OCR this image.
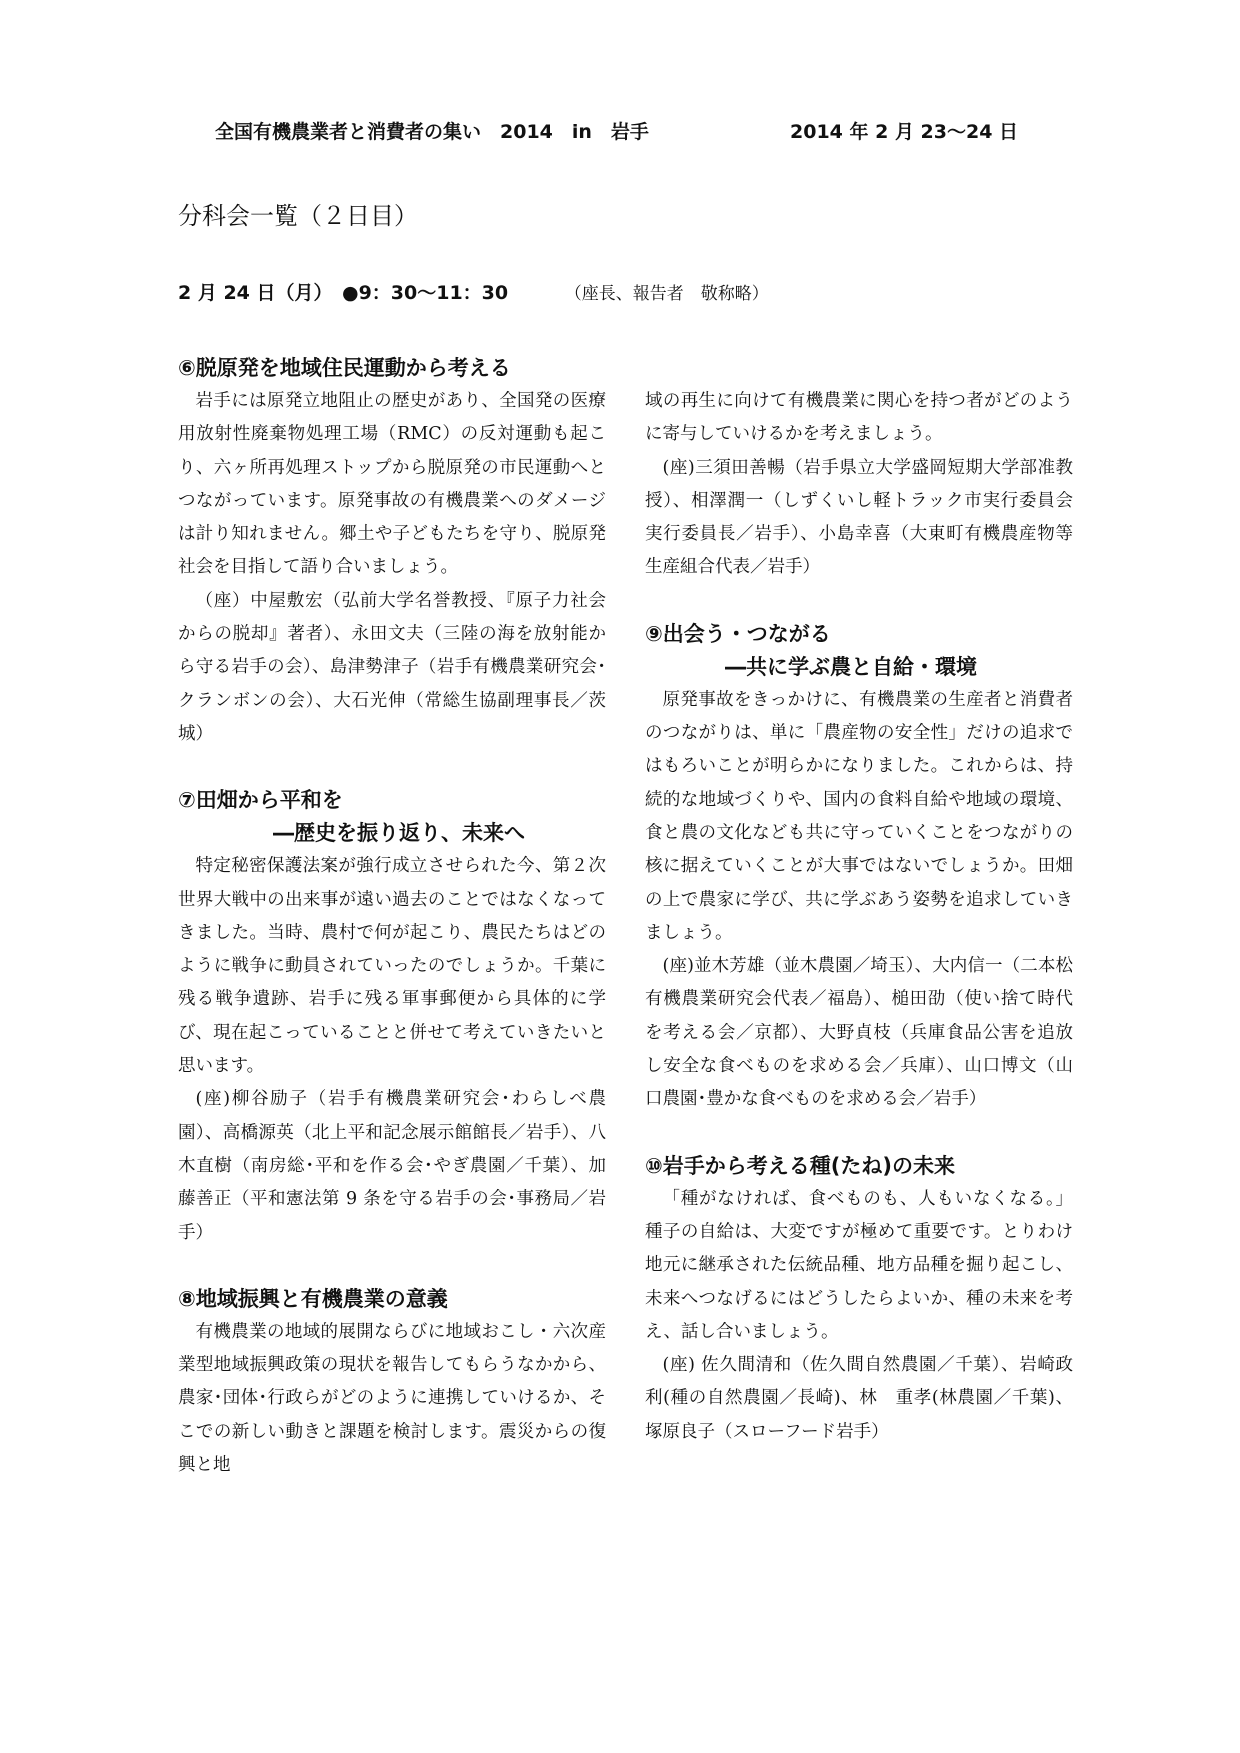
全国有機農業者と消費者の集い　2014　in　岩手	2014 年 2 月 23〜24 日
分科会一覧（２日目）
2 月 24 日（月）　●9：30〜11：30	（座長、報告者　敬称略）
⑥脱原発を地域住民運動から考える

岩手には原発立地阻止の歴史があり、全国発の医療用放射性廃棄物処理工場（RMC）の反対運動も起こり、六ヶ所再処理ストップから脱原発の市民運動へとつながっています。原発事故の有機農業へのダメージは計り知れません。郷土や子どもたちを守り、脱原発社会を目指して語り合いましょう。

（座）中屋敷宏（弘前大学名誉教授、『原子力社会からの脱却』著者）、永田文夫（三陸の海を放射能から守る岩手の会）、島津勢津子（岩手有機農業研究会･クランボンの会）、大石光伸（常総生協副理事長／茨城）

⑦田畑から平和を
―歴史を振り返り、未来へ

特定秘密保護法案が強行成立させられた今、第２次世界大戦中の出来事が遠い過去のことではなくなってきました。当時、農村で何が起こり、農民たちはどのように戦争に動員されていったのでしょうか。千葉に残る戦争遺跡、岩手に残る軍事郵便から具体的に学び、現在起こっていることと併せて考えていきたいと思います。

(座)柳谷励子（岩手有機農業研究会･わらしべ農園）、高橋源英（北上平和記念展示館館長／岩手）、八木直樹（南房総･平和を作る会･やぎ農園／千葉）、加藤善正（平和憲法第 9 条を守る岩手の会･事務局／岩手）

⑧地域振興と有機農業の意義

有機農業の地域的展開ならびに地域おこし・六次産業型地域振興政策の現状を報告してもらうなかから、農家･団体･行政らがどのように連携していけるか、そこでの新しい動きと課題を検討します。震災からの復興と地

域の再生に向けて有機農業に関心を持つ者がどのように寄与していけるかを考えましょう。

(座)三須田善暢（岩手県立大学盛岡短期大学部准教授）、相澤潤一（しずくいし軽トラック市実行委員会実行委員長／岩手）、小島幸喜（大東町有機農産物等生産組合代表／岩手）

⑨出会う・つながる
―共に学ぶ農と自給・環境

原発事故をきっかけに、有機農業の生産者と消費者のつながりは、単に「農産物の安全性」だけの追求ではもろいことが明らかになりました。これからは、持続的な地域づくりや、国内の食料自給や地域の環境、食と農の文化なども共に守っていくことをつながりの核に据えていくことが大事ではないでしょうか。田畑の上で農家に学び、共に学ぶあう姿勢を追求していきましょう。

(座)並木芳雄（並木農園／埼玉）、大内信一（二本松有機農業研究会代表／福島）、槌田劭（使い捨て時代を考える会／京都）、大野貞枝（兵庫食品公害を追放し安全な食べものを求める会／兵庫）、山口博文（山口農園･豊かな食べものを求める会／岩手）

⑩岩手から考える種(たね)の未来

「種がなければ、食べものも、人もいなくなる。」 種子の自給は、大変ですが極めて重要です。とりわけ地元に継承された伝統品種、地方品種を掘り起こし、未来へつなげるにはどうしたらよいか、種の未来を考え、話し合いましょう。

(座) 佐久間清和（佐久間自然農園／千葉）、岩崎政利(種の自然農園／長崎)、林　重孝(林農園／千葉)、塚原良子（スローフード岩手）
